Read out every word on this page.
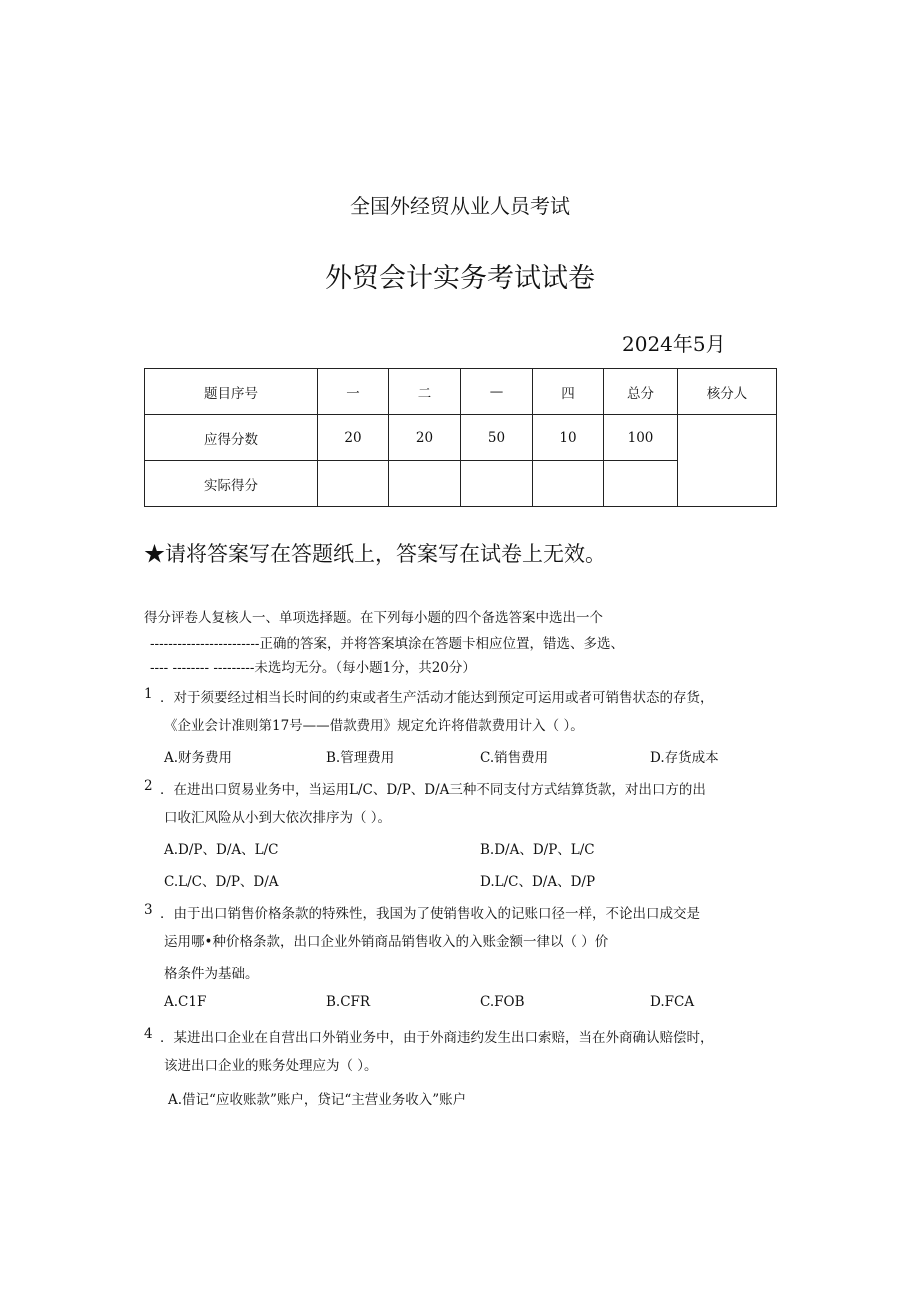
全国外经贸从业人员考试
外贸会计实务考试试卷
2024年5月
题目序号	一	二	—	四	总分	核分人
应得分数	20	20	50	10	100	
实际得分						
★请将答案写在答题纸上，答案写在试卷上无效。
得分评卷人复核人一、单项选择题。在下列每小题的四个备选答案中选出一个
------------------------正确的答案，并将答案填涂在答题卡相应位置，错选、多选、
---- -------- ---------未选均无分。（每小题1分，共20分）
1 ．对于须要经过相当长时间的约束或者生产活动才能达到预定可运用或者可销售状态的存货，
《企业会计准则第17号——借款费用》规定允许将借款费用计入（ ）。
A.财务费用	B.管理费用	C.销售费用	D.存货成本
2 ．在进出口贸易业务中，当运用L/C、D/P、D/A三种不同支付方式结算货款，对出口方的出
口收汇风险从小到大依次排序为（ ）。
A.D/P、D/A、L/C	B.D/A、D/P、L/C
C.L/C、D/P、D/A	D.L/C、D/A、D/P
3 ．由于出口销售价格条款的特殊性，我国为了使销售收入的记账口径一样，不论出口成交是
运用哪•种价格条款，出口企业外销商品销售收入的入账金额一律以（ ）价
格条件为基础。
A.C1F	B.CFR	C.FOB	D.FCA
4 ．某进出口企业在自营出口外销业务中，由于外商违约发生出口索赔，当在外商确认赔偿时，
该进出口企业的账务处理应为（ ）。
A.借记“应收账款”账户，贷记“主营业务收入”账户
